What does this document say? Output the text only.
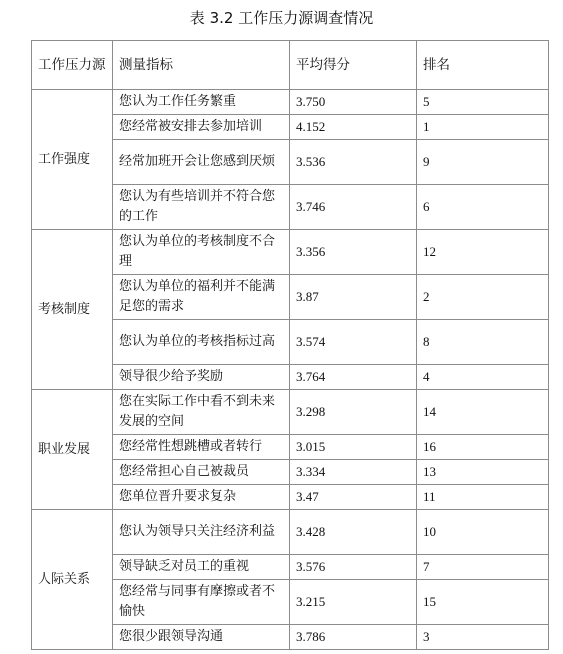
表 3.2 工作压力源调查情况
工作压力源	测量指标	平均得分	排名
工作强度	您认为工作任务繁重	3.750	5
	您经常被安排去参加培训	4.152	1
	经常加班开会让您感到厌烦	3.536	9
	您认为有些培训并不符合您的工作	3.746	6
考核制度	您认为单位的考核制度不合理	3.356	12
	您认为单位的福利并不能满足您的需求	3.87	2
	您认为单位的考核指标过高	3.574	8
	领导很少给予奖励	3.764	4
职业发展	您在实际工作中看不到未来发展的空间	3.298	14
	您经常性想跳槽或者转行	3.015	16
	您经常担心自己被裁员	3.334	13
	您单位晋升要求复杂	3.47	11
人际关系	您认为领导只关注经济利益	3.428	10
	领导缺乏对员工的重视	3.576	7
	您经常与同事有摩擦或者不愉快	3.215	15
	您很少跟领导沟通	3.786	3
